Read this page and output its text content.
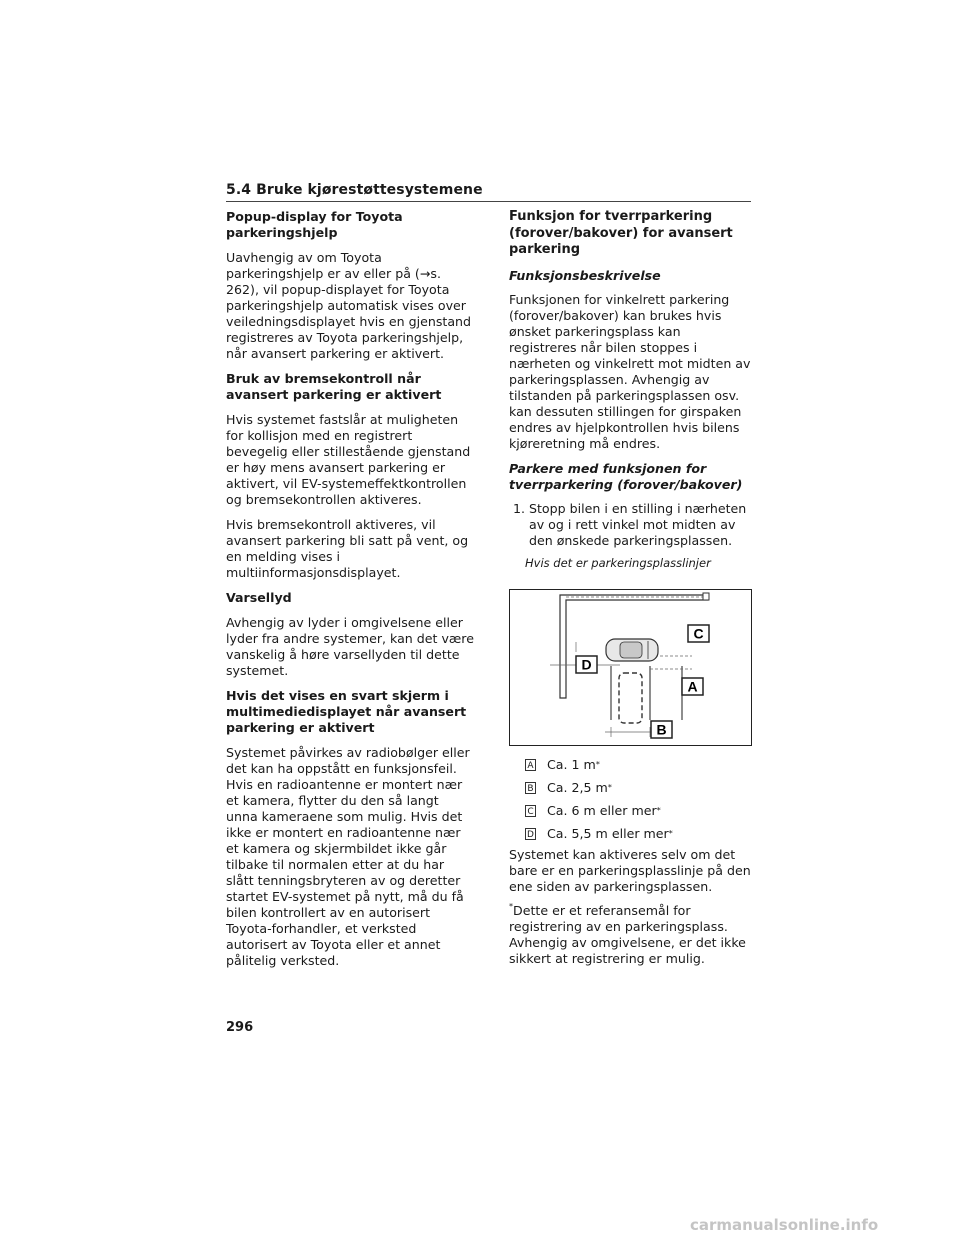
5.4 Bruke kjørestøttesystemene
Popup-display for Toyota parkeringshjelp

Uavhengig av om Toyota parkeringshjelp er av eller på (→s. 262), vil popup-displayet for Toyota parkeringshjelp automatisk vises over veiledningsdisplayet hvis en gjenstand registreres av Toyota parkeringshjelp, når avansert parkering er aktivert.

Bruk av bremsekontroll når avansert parkering er aktivert

Hvis systemet fastslår at muligheten for kollisjon med en registrert bevegelig eller stillestående gjenstand er høy mens avansert parkering er aktivert, vil EV-systemeffektkontrollen og bremsekontrollen aktiveres.

Hvis bremsekontroll aktiveres, vil avansert parkering bli satt på vent, og en melding vises i multiinformasjonsdisplayet.

Varsellyd

Avhengig av lyder i omgivelsene eller lyder fra andre systemer, kan det være vanskelig å høre varsellyden til dette systemet.

Hvis det vises en svart skjerm i multimediedisplayet når avansert parkering er aktivert

Systemet påvirkes av radiobølger eller det kan ha oppstått en funksjonsfeil. Hvis en radioantenne er montert nær et kamera, flytter du den så langt unna kameraene som mulig. Hvis det ikke er montert en radioantenne nær et kamera og skjermbildet ikke går tilbake til normalen etter at du har slått tenningsbryteren av og deretter startet EV-systemet på nytt, må du få bilen kontrollert av en autorisert Toyota-forhandler, et verksted autorisert av Toyota eller et annet pålitelig verksted.

Funksjon for tverrparkering (forover/bakover) for avansert parkering
Funksjonsbeskrivelse

Funksjonen for vinkelrett parkering (forover/bakover) kan brukes hvis ønsket parkeringsplass kan registreres når bilen stoppes i nærheten og vinkelrett mot midten av parkeringsplassen. Avhengig av tilstanden på parkeringsplassen osv. kan dessuten stillingen for girspaken endres av hjelpkontrollen hvis bilens kjøreretning må endres.

Parkere med funksjonen for tverrparkering (forover/bakover)
1. Stopp bilen i en stilling i nærheten av og i rett vinkel mot midten av den ønskede parkeringsplassen.
Hvis det er parkeringsplasslinjer
C
D
A
B
A Ca. 1 m *
B Ca. 2,5 m *
C Ca. 6 m eller mer *
D Ca. 5,5 m eller mer *

Systemet kan aktiveres selv om det bare er en parkeringsplasslinje på den ene siden av parkeringsplassen.

*Dette er et referansemål for registrering av en parkeringsplass. Avhengig av omgivelsene, er det ikke sikkert at registrering er mulig.

296
carmanualsonline.info
